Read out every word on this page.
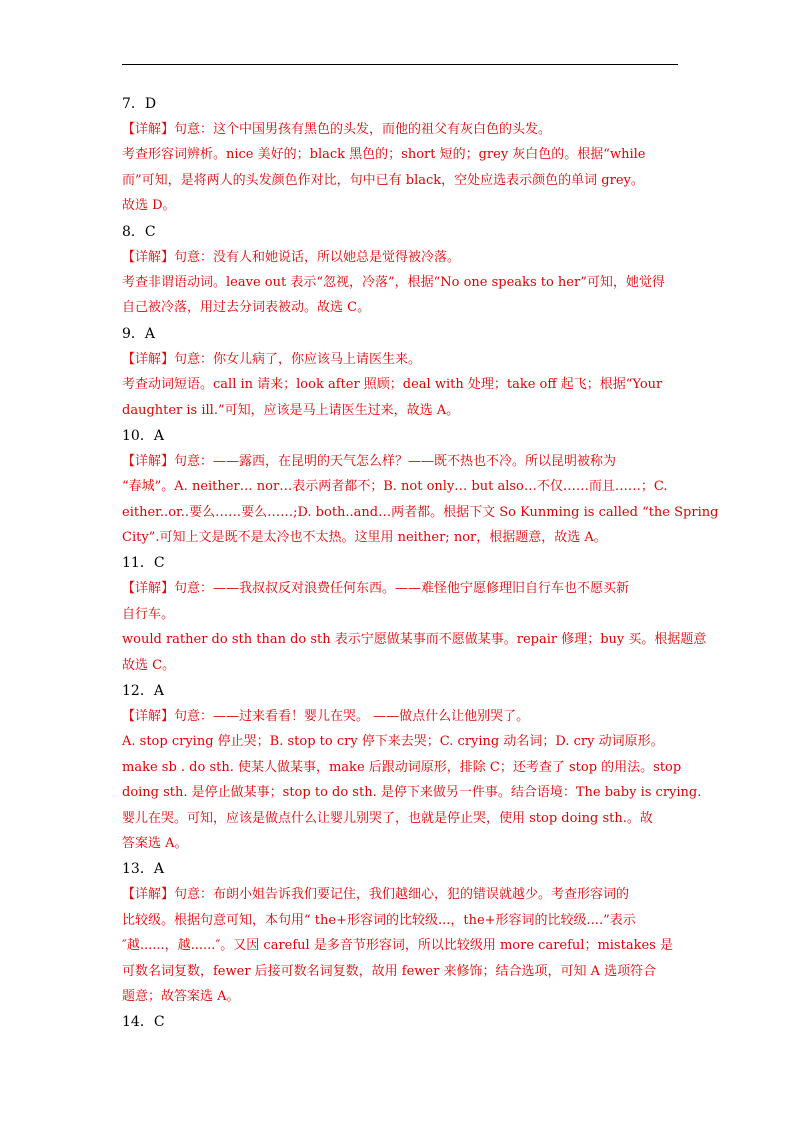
7．D
【详解】句意：这个中国男孩有黑色的头发，而他的祖父有灰白色的头发。
考查形容词辨析。nice 美好的；black 黑色的；short 短的；grey 灰白色的。根据“while
而”可知，是将两人的头发颜色作对比，句中已有 black，空处应选表示颜色的单词 grey。
故选 D。
8．C
【详解】句意：没有人和她说话，所以她总是觉得被冷落。
考查非谓语动词。leave out 表示“忽视，冷落”，根据“No one speaks to her”可知，她觉得
自己被冷落，用过去分词表被动。故选 C。
9．A
【详解】句意：你女儿病了，你应该马上请医生来。
考查动词短语。call in 请来；look after 照顾；deal with 处理；take off 起飞；根据“Your
daughter is ill.”可知，应该是马上请医生过来，故选 A。
10．A
【详解】句意：——露西，在昆明的天气怎么样？——既不热也不冷。所以昆明被称为
“春城”。A. neither… nor…表示两者都不；B. not only… but also…不仅……而且……；C.
either..or..要么……要么……;D. both..and…两者都。根据下文 So Kunming is called “the Spring
City”.可知上文是既不是太冷也不太热。这里用 neither; nor，根据题意，故选 A。
11．C
【详解】句意：——我叔叔反对浪费任何东西。——难怪他宁愿修理旧自行车也不愿买新
自行车。
would rather do sth than do sth 表示宁愿做某事而不愿做某事。repair 修理；buy 买。根据题意
故选 C。
12．A
【详解】句意：——过来看看！婴儿在哭。 ——做点什么让他别哭了。
A. stop crying 停止哭；B. stop to cry 停下来去哭；C. crying 动名词；D. cry 动词原形。
make sb . do sth. 使某人做某事，make 后跟动词原形，排除 C；还考查了 stop 的用法。stop
doing sth. 是停止做某事；stop to do sth. 是停下来做另一件事。结合语境：The baby is crying.
婴儿在哭。可知，应该是做点什么让婴儿别哭了，也就是停止哭，使用 stop doing sth.。故
答案选 A。
13．A
【详解】句意：布朗小姐告诉我们要记住，我们越细心，犯的错误就越少。考查形容词的
比较级。根据句意可知，本句用“ the+形容词的比较级...，the+形容词的比较级....”表示
″越......，越......″。又因 careful 是多音节形容词，所以比较级用 more careful；mistakes 是
可数名词复数，fewer 后接可数名词复数，故用 fewer 来修饰；结合选项，可知 A 选项符合
题意；故答案选 A。
14．C
